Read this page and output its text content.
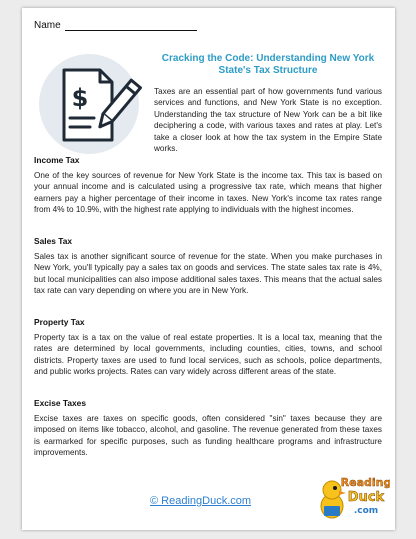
Name
$
Cracking the Code: Understanding New York State's Tax Structure
Taxes are an essential part of how governments fund various services and functions, and New York State is no exception. Understanding the tax structure of New York can be a bit like deciphering a code, with various taxes and rates at play. Let's take a closer look at how the tax system in the Empire State works.
Income Tax
One of the key sources of revenue for New York State is the income tax. This tax is based on your annual income and is calculated using a progressive tax rate, which means that higher earners pay a higher percentage of their income in taxes. New York's income tax rates range from 4% to 10.9%, with the highest rate applying to individuals with the highest incomes.
Sales Tax
Sales tax is another significant source of revenue for the state. When you make purchases in New York, you'll typically pay a sales tax on goods and services. The state sales tax rate is 4%, but local municipalities can also impose additional sales taxes. This means that the actual sales tax rate can vary depending on where you are in New York.
Property Tax
Property tax is a tax on the value of real estate properties. It is a local tax, meaning that the rates are determined by local governments, including counties, cities, towns, and school districts. Property taxes are used to fund local services, such as schools, police departments, and public works projects. Rates can vary widely across different areas of the state.
Excise Taxes
Excise taxes are taxes on specific goods, often considered "sin" taxes because they are imposed on items like tobacco, alcohol, and gasoline. The revenue generated from these taxes is earmarked for specific purposes, such as funding healthcare programs and infrastructure improvements.
© ReadingDuck.com
Reading
Duck
.com
